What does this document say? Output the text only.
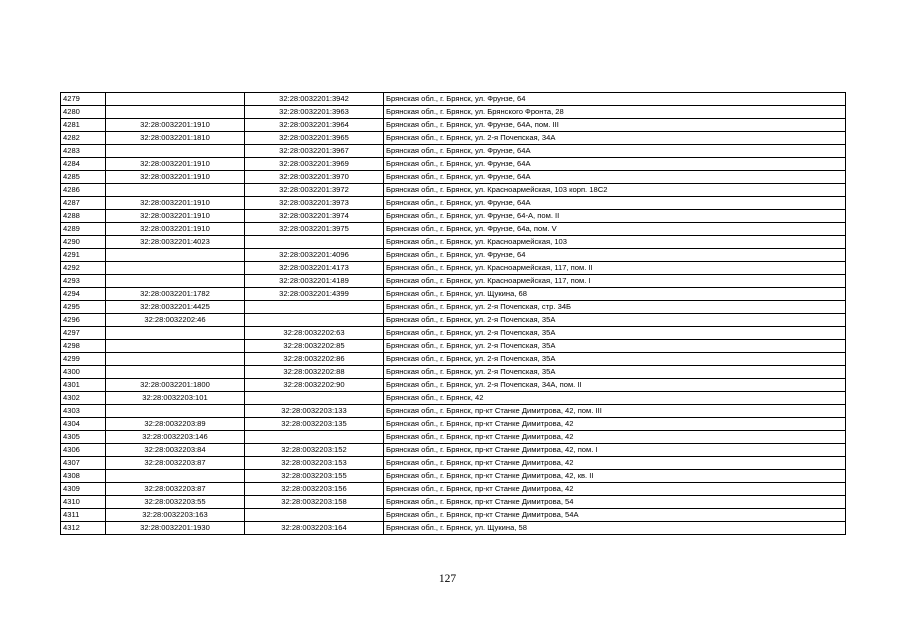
4279		32:28:0032201:3942	Брянская обл., г. Брянск, ул. Фрунзе, 64
4280		32:28:0032201:3963	Брянская обл., г. Брянск, ул. Брянского Фронта, 28
4281	32:28:0032201:1910	32:28:0032201:3964	Брянская обл., г. Брянск, ул. Фрунзе, 64А, пом. III
4282	32:28:0032201:1810	32:28:0032201:3965	Брянская обл., г. Брянск, ул. 2-я Почепская, 34А
4283		32:28:0032201:3967	Брянская обл., г. Брянск, ул. Фрунзе, 64А
4284	32:28:0032201:1910	32:28:0032201:3969	Брянская обл., г. Брянск, ул. Фрунзе, 64А
4285	32:28:0032201:1910	32:28:0032201:3970	Брянская обл., г. Брянск, ул. Фрунзе, 64А
4286		32:28:0032201:3972	Брянская обл., г. Брянск, ул. Красноармейская, 103 корп. 18С2
4287	32:28:0032201:1910	32:28:0032201:3973	Брянская обл., г. Брянск, ул. Фрунзе, 64А
4288	32:28:0032201:1910	32:28:0032201:3974	Брянская обл., г. Брянск, ул. Фрунзе, 64-А, пом. II
4289	32:28:0032201:1910	32:28:0032201:3975	Брянская обл., г. Брянск, ул. Фрунзе, 64а, пом. V
4290	32:28:0032201:4023		Брянская обл., г. Брянск, ул. Красноармейская, 103
4291		32:28:0032201:4096	Брянская обл., г. Брянск, ул. Фрунзе, 64
4292		32:28:0032201:4173	Брянская обл., г. Брянск, ул. Красноармейская, 117, пом. II
4293		32:28:0032201:4189	Брянская обл., г. Брянск, ул. Красноармейская, 117, пом. I
4294	32:28:0032201:1782	32:28:0032201:4399	Брянская обл., г. Брянск, ул. Щукина, 68
4295	32:28:0032201:4425		Брянская обл., г. Брянск, ул. 2-я Почепская, стр. 34Б
4296	32:28:0032202:46		Брянская обл., г. Брянск, ул. 2-я Почепская, 35А
4297		32:28:0032202:63	Брянская обл., г. Брянск, ул. 2-я Почепская, 35А
4298		32:28:0032202:85	Брянская обл., г. Брянск, ул. 2-я Почепская, 35А
4299		32:28:0032202:86	Брянская обл., г. Брянск, ул. 2-я Почепская, 35А
4300		32:28:0032202:88	Брянская обл., г. Брянск, ул. 2-я Почепская, 35А
4301	32:28:0032201:1800	32:28:0032202:90	Брянская обл., г. Брянск, ул. 2-я Почепская, 34А, пом. II
4302	32:28:0032203:101		Брянская обл., г. Брянск, 42
4303		32:28:0032203:133	Брянская обл., г. Брянск, пр-кт Станке Димитрова, 42, пом. III
4304	32:28:0032203:89	32:28:0032203:135	Брянская обл., г. Брянск, пр-кт Станке Димитрова, 42
4305	32:28:0032203:146		Брянская обл., г. Брянск, пр-кт Станке Димитрова, 42
4306	32:28:0032203:84	32:28:0032203:152	Брянская обл., г. Брянск, пр-кт Станке Димитрова, 42, пом. I
4307	32:28:0032203:87	32:28:0032203:153	Брянская обл., г. Брянск, пр-кт Станке Димитрова, 42
4308		32:28:0032203:155	Брянская обл., г. Брянск, пр-кт Станке Димитрова, 42, кв. II
4309	32:28:0032203:87	32:28:0032203:156	Брянская обл., г. Брянск, пр-кт Станке Димитрова, 42
4310	32:28:0032203:55	32:28:0032203:158	Брянская обл., г. Брянск, пр-кт Станке Димитрова, 54
4311	32:28:0032203:163		Брянская обл., г. Брянск, пр-кт Станке Димитрова, 54А
4312	32:28:0032201:1930	32:28:0032203:164	Брянская обл., г. Брянск, ул. Щукина, 58
127
